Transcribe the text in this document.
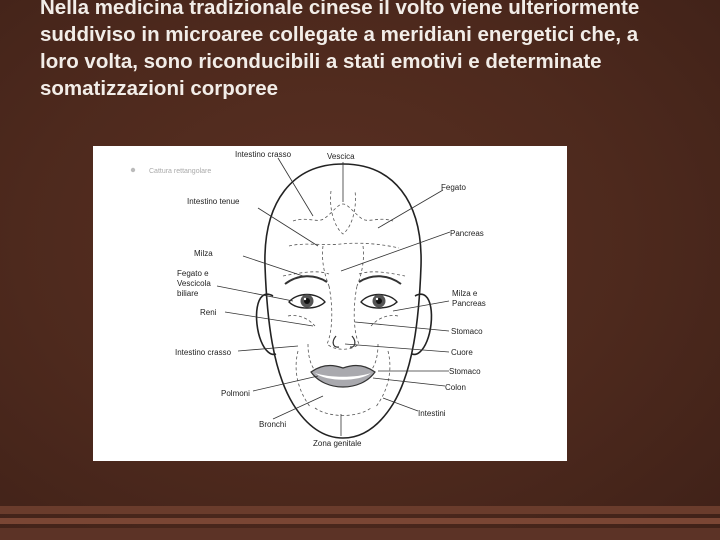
Nella medicina tradizionale cinese il volto viene ulteriormente suddiviso in microaree collegate a meridiani energetici che, a loro volta, sono riconducibili a stati emotivi e determinate somatizzazioni corporee

Cattura rettangolare
Intestino crasso	Vescica
Intestino tenue
Fegato
Pancreas
Milza
Fegato e
Vescicola
biliare	Milza e
Pancreas
Reni
Stomaco
Intestino crasso	Cuore
Stomaco
Colon
Polmoni
Intestini
Bronchi
Zona genitale
